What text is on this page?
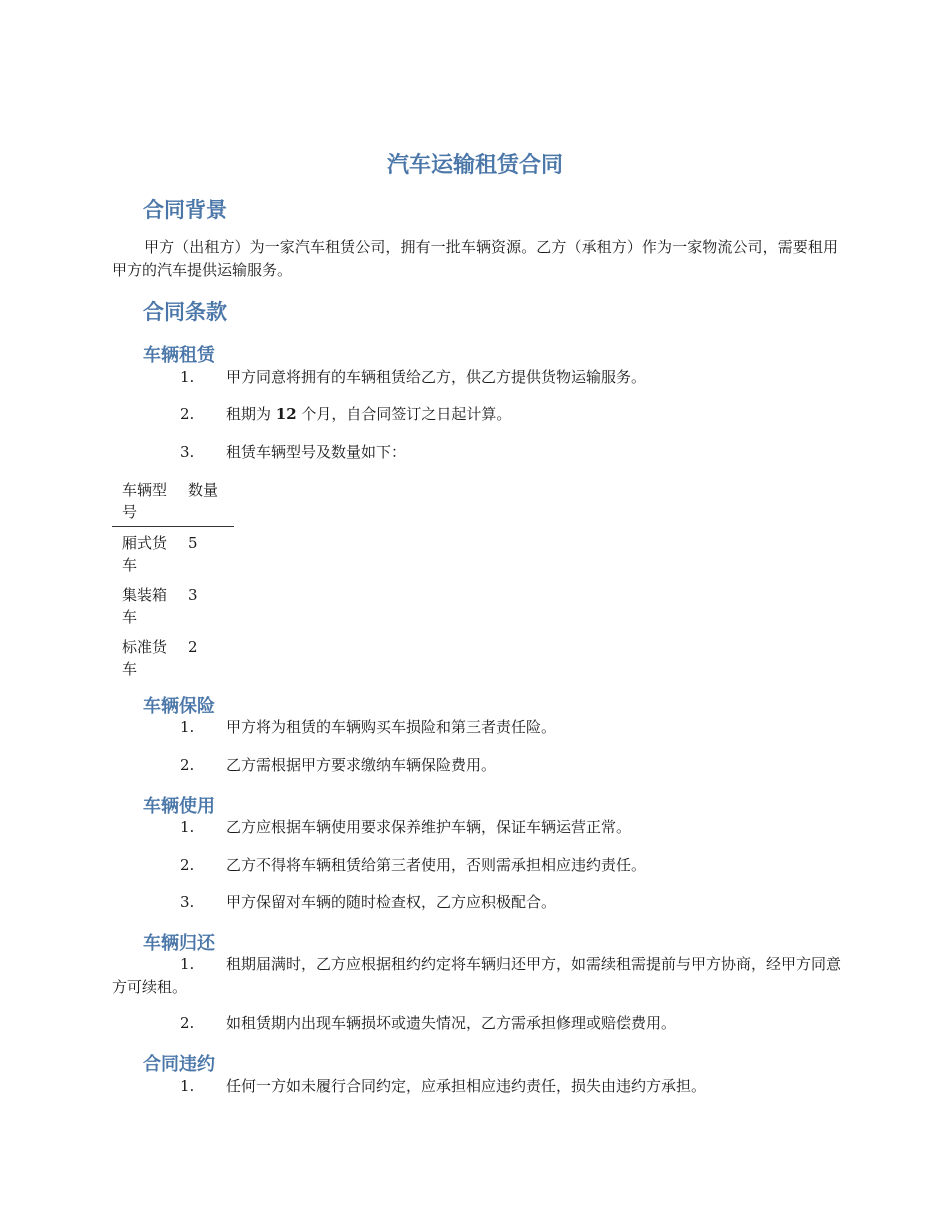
汽车运输租赁合同
合同背景

甲方（出租方）为一家汽车租赁公司，拥有一批车辆资源。乙方（承租方）作为一家物流公司，需要租用甲方的汽车提供运输服务。

合同条款
车辆租赁
1.	甲方同意将拥有的车辆租赁给乙方，供乙方提供货物运输服务。
2.	租期为 12 个月，自合同签订之日起计算。
3.	租赁车辆型号及数量如下：
车辆型号	数量
厢式货车	5
集装箱车	3
标准货车	2
车辆保险
1.	甲方将为租赁的车辆购买车损险和第三者责任险。
2.	乙方需根据甲方要求缴纳车辆保险费用。
车辆使用
1.	乙方应根据车辆使用要求保养维护车辆，保证车辆运营正常。
2.	乙方不得将车辆租赁给第三者使用，否则需承担相应违约责任。
3.	甲方保留对车辆的随时检查权，乙方应积极配合。
车辆归还
1. 租期届满时，乙方应根据租约约定将车辆归还甲方，如需续租需提前与甲方协商，经甲方同意方可续租。
2.	如租赁期内出现车辆损坏或遗失情况，乙方需承担修理或赔偿费用。
合同违约
1.	任何一方如未履行合同约定，应承担相应违约责任，损失由违约方承担。
